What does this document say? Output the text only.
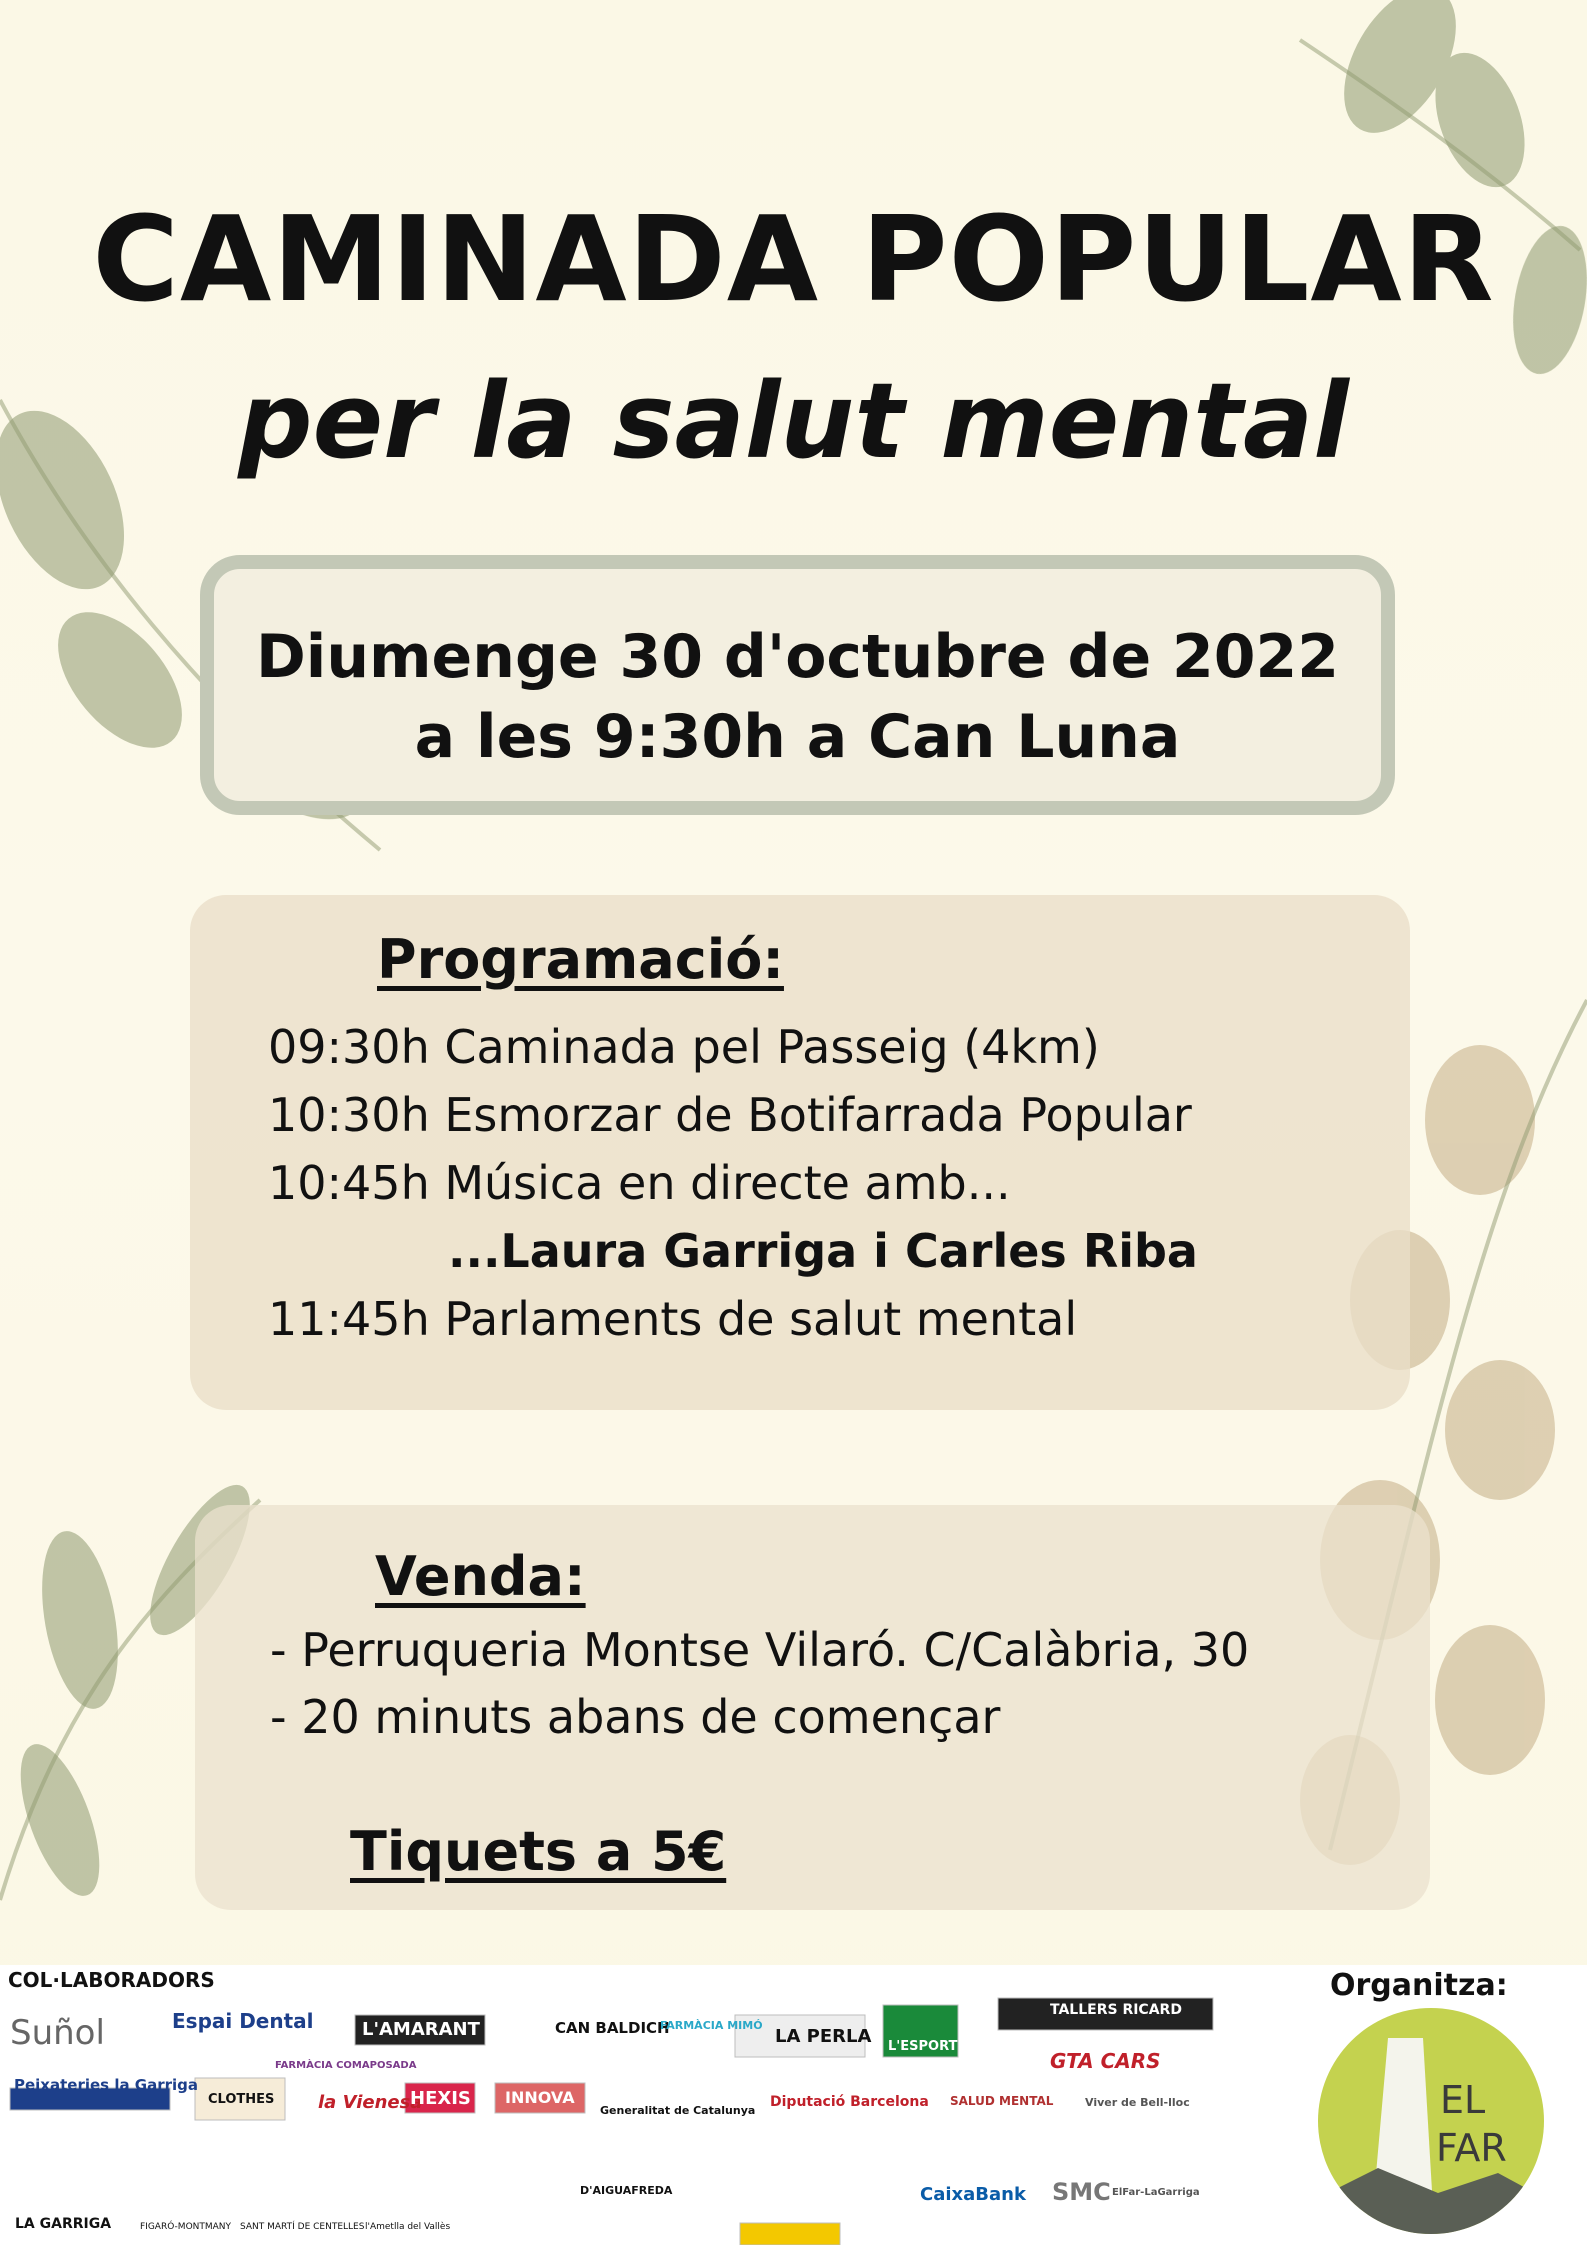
CAMINADA POPULAR
per la salut mental
Diumenge 30 d'octubre de 2022
a les 9:30h a Can Luna
Programació:
09:30h Caminada pel Passeig (4km)
10:30h Esmorzar de Botifarrada Popular
10:45h Música en directe amb...
...Laura Garriga i Carles Riba
11:45h Parlaments de salut mental
Venda:
- Perruqueria Montse Vilaró. C/Calàbria, 30
- 20 minuts abans de començar
Tiquets a 5€
COL·LABORADORS	Organitza:
Suñol	Espai Dental
FARMÀCIA COMAPOSADA
L'AMARANT	CAN BALDICH
FARMÀCIA MIMÓ
LA PERLA L'ESPORT
TALLERS RICARD
GTA CARS
Peixateries la Garriga
CLOTHES la Vienesa
HEXIS INNOVA
Generalitat de Catalunya
Diputació Barcelona SALUD MENTAL	Viver de Bell-lloc
LA GARRIGA	FIGARÓ-MONTMANY SANT MARTÍ DE CENTELLES l'Ametlla del Vallès
D'AIGUAFREDA	CaixaBank SMC ElFar-LaGarriga
EL
FAR
